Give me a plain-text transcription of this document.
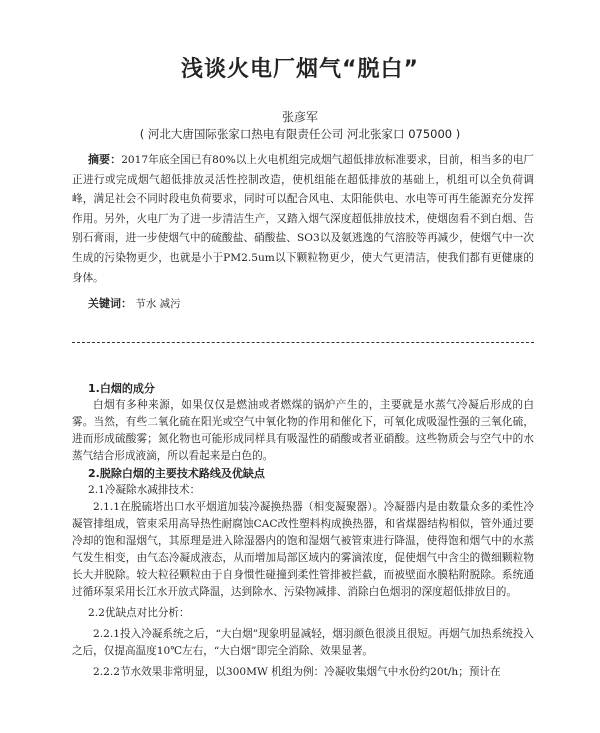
浅谈火电厂烟气“脱白”
张彦军
( 河北大唐国际张家口热电有限责任公司 河北张家口 075000 )
摘要：2017年底全国已有80%以上火电机组完成烟气超低排放标准要求，目前，相当多的电厂正进行或完成烟气超低排放灵活性控制改造，使机组能在超低排放的基础上，机组可以全负荷调峰，满足社会不同时段电负荷要求，同时可以配合风电、太阳能供电、水电等可再生能源充分发挥作用。另外，火电厂为了进一步清洁生产，又踏入烟气深度超低排放技术，使烟囱看不到白烟、告别石膏雨，进一步使烟气中的硫酸盐、硝酸盐、SO3以及氨逃逸的气溶胶等再减少，使烟气中一次生成的污染物更少，也就是小于PM2.5um以下颗粒物更少，使大气更清洁，使我们都有更健康的身体。
关键词： 节水 减污

1.白烟的成分

白烟有多种来源，如果仅仅是燃油或者燃煤的锅炉产生的，主要就是水蒸气冷凝后形成的白雾。当然，有些二氧化硫在阳光或空气中氧化物的作用和催化下，可氧化成吸湿性强的三氧化硫，进而形成硫酸雾；氮化物也可能形成同样具有吸湿性的硝酸或者亚硝酸。这些物质会与空气中的水蒸气结合形成液滴，所以看起来是白色的。

2.脱除白烟的主要技术路线及优缺点

2.1冷凝除水减排技术：

2.1.1在脱硫塔出口水平烟道加装冷凝换热器（相变凝聚器）。冷凝器内是由数量众多的柔性冷凝管排组成，管束采用高导热性耐腐蚀CAC改性塑料构成换热器，和省煤器结构相似，管外通过要冷却的饱和湿烟气，其原理是进入除湿器内的饱和湿烟气被管束进行降温，使得饱和烟气中的水蒸气发生相变，由气态冷凝成液态，从而增加局部区域内的雾滴浓度，促使烟气中含尘的微细颗粒物长大并脱除。较大粒径颗粒由于自身惯性碰撞到柔性管排被拦截，而被壁面水膜粘附脱除。系统通过循环泵采用长江水开放式降温，达到除水、污染物减排、消除白色烟羽的深度超低排放目的。

2.2优缺点对比分析：

2.2.1投入冷凝系统之后，“大白烟”现象明显减轻，烟羽颜色很淡且很短。再烟气加热系统投入之后，仅提高温度10℃左右，“大白烟”即完全消除、效果显著。

2.2.2节水效果非常明显，以300MW 机组为例：冷凝收集烟气中水份约20t/h；预计在
